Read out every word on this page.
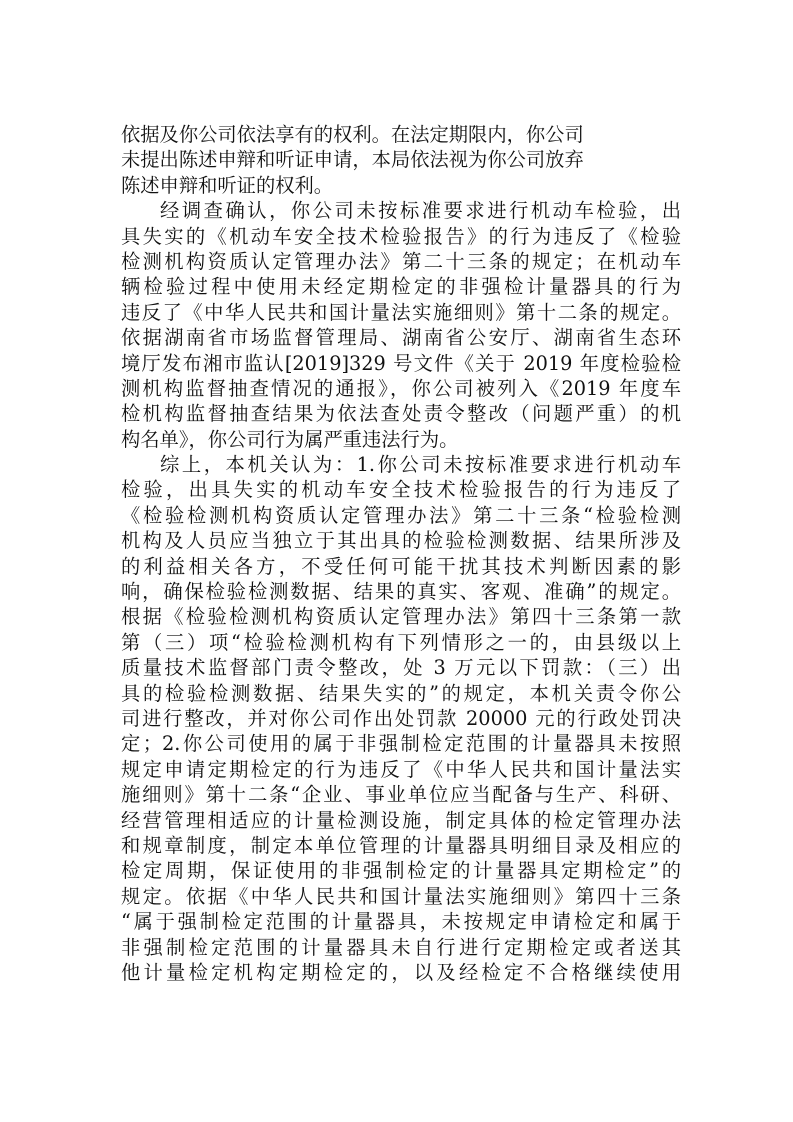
依据及你公司依法享有的权利。在法定期限内，你公司
未提出陈述申辩和听证申请，本局依法视为你公司放弃
陈述申辩和听证的权利。
经调查确认，你公司未按标准要求进行机动车检验，出
具失实的《机动车安全技术检验报告》的行为违反了《检验
检测机构资质认定管理办法》第二十三条的规定；在机动车
辆检验过程中使用未经定期检定的非强检计量器具的行为
违反了《中华人民共和国计量法实施细则》第十二条的规定。
依据湖南省市场监督管理局、湖南省公安厅、湖南省生态环
境厅发布湘市监认[2019]329 号文件《关于 2019 年度检验检
测机构监督抽查情况的通报》，你公司被列入《2019 年度车
检机构监督抽查结果为依法查处责令整改（问题严重）的机
构名单》，你公司行为属严重违法行为。
综上，本机关认为：1.你公司未按标准要求进行机动车
检验，出具失实的机动车安全技术检验报告的行为违反了
《检验检测机构资质认定管理办法》第二十三条“检验检测
机构及人员应当独立于其出具的检验检测数据、结果所涉及
的利益相关各方，不受任何可能干扰其技术判断因素的影
响，确保检验检测数据、结果的真实、客观、准确”的规定。
根据《检验检测机构资质认定管理办法》第四十三条第一款
第（三）项“检验检测机构有下列情形之一的，由县级以上
质量技术监督部门责令整改，处 3 万元以下罚款：（三）出
具的检验检测数据、结果失实的”的规定，本机关责令你公
司进行整改，并对你公司作出处罚款 20000 元的行政处罚决
定；2.你公司使用的属于非强制检定范围的计量器具未按照
规定申请定期检定的行为违反了《中华人民共和国计量法实
施细则》第十二条“企业、事业单位应当配备与生产、科研、
经营管理相适应的计量检测设施，制定具体的检定管理办法
和规章制度，制定本单位管理的计量器具明细目录及相应的
检定周期，保证使用的非强制检定的计量器具定期检定”的
规定。依据《中华人民共和国计量法实施细则》第四十三条
“属于强制检定范围的计量器具，未按规定申请检定和属于
非强制检定范围的计量器具未自行进行定期检定或者送其
他计量检定机构定期检定的，以及经检定不合格继续使用
